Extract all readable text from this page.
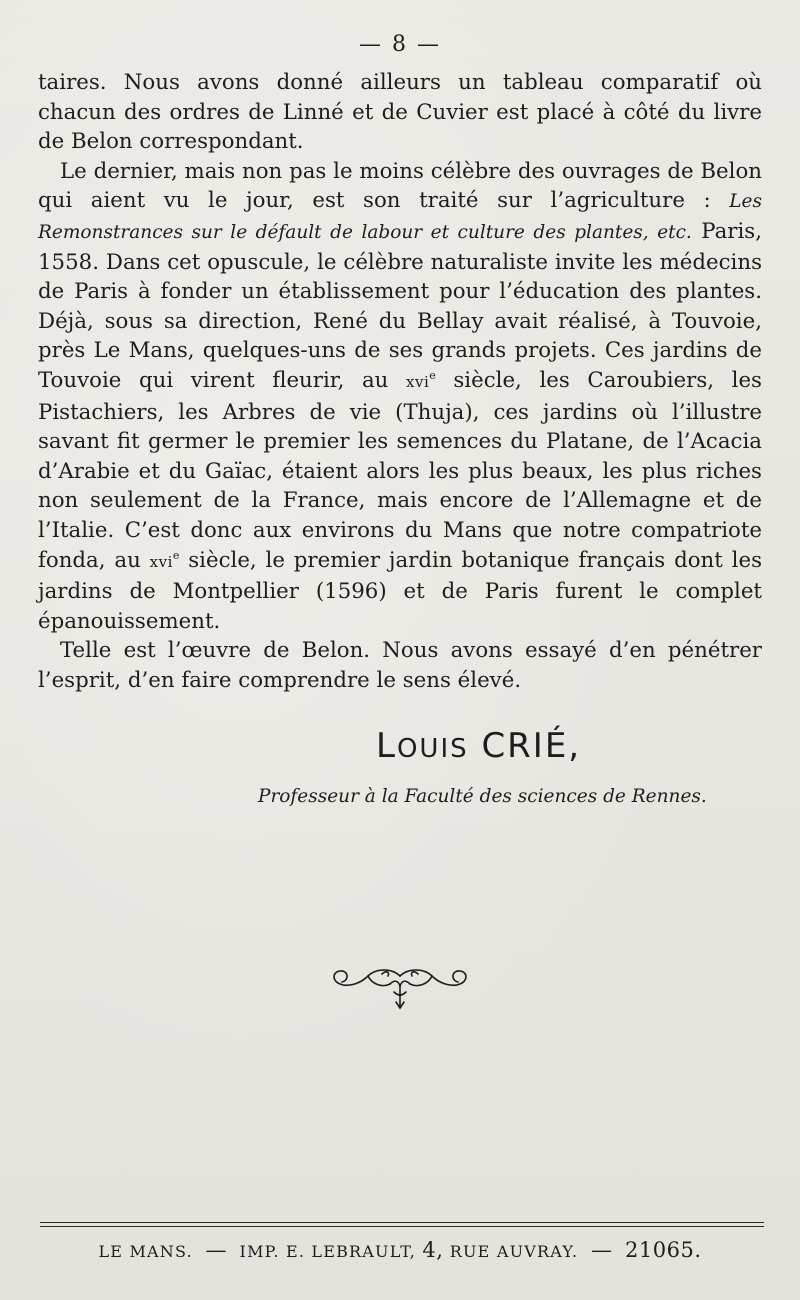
— 8 —

taires. Nous avons donné ailleurs un tableau comparatif où chacun des ordres de Linné et de Cuvier est placé à côté du livre de Belon correspondant.

Le dernier, mais non pas le moins célèbre des ouvrages de Belon qui aient vu le jour, est son traité sur l’agriculture : Les Remonstrances sur le défault de labour et culture des plantes, etc. Paris, 1558. Dans cet opuscule, le célèbre naturaliste invite les médecins de Paris à fonder un établissement pour l’éducation des plantes. Déjà, sous sa direction, René du Bellay avait réalisé, à Touvoie, près Le Mans, quelques-uns de ses grands projets. Ces jardins de Touvoie qui virent fleurir, au xvi$^e$ siècle, les Caroubiers, les Pistachiers, les Arbres de vie (Thuja), ces jardins où l’illustre savant fit germer le premier les semences du Platane, de l’Acacia d’Arabie et du Gaïac, étaient alors les plus beaux, les plus riches non seulement de la France, mais encore de l’Allemagne et de l’Italie. C’est donc aux environs du Mans que notre compatriote fonda, au xvi$^e$ siècle, le premier jardin botanique français dont les jardins de Montpellier (1596) et de Paris furent le complet épanouissement.

Telle est l’œuvre de Belon. Nous avons essayé d’en pénétrer l’esprit, d’en faire comprendre le sens élevé.

LOUIS CRIÉ,
Professeur à la Faculté des sciences de Rennes.
LE MANS. — IMP. E. LEBRAULT, 4, RUE AUVRAY. — 21065.
